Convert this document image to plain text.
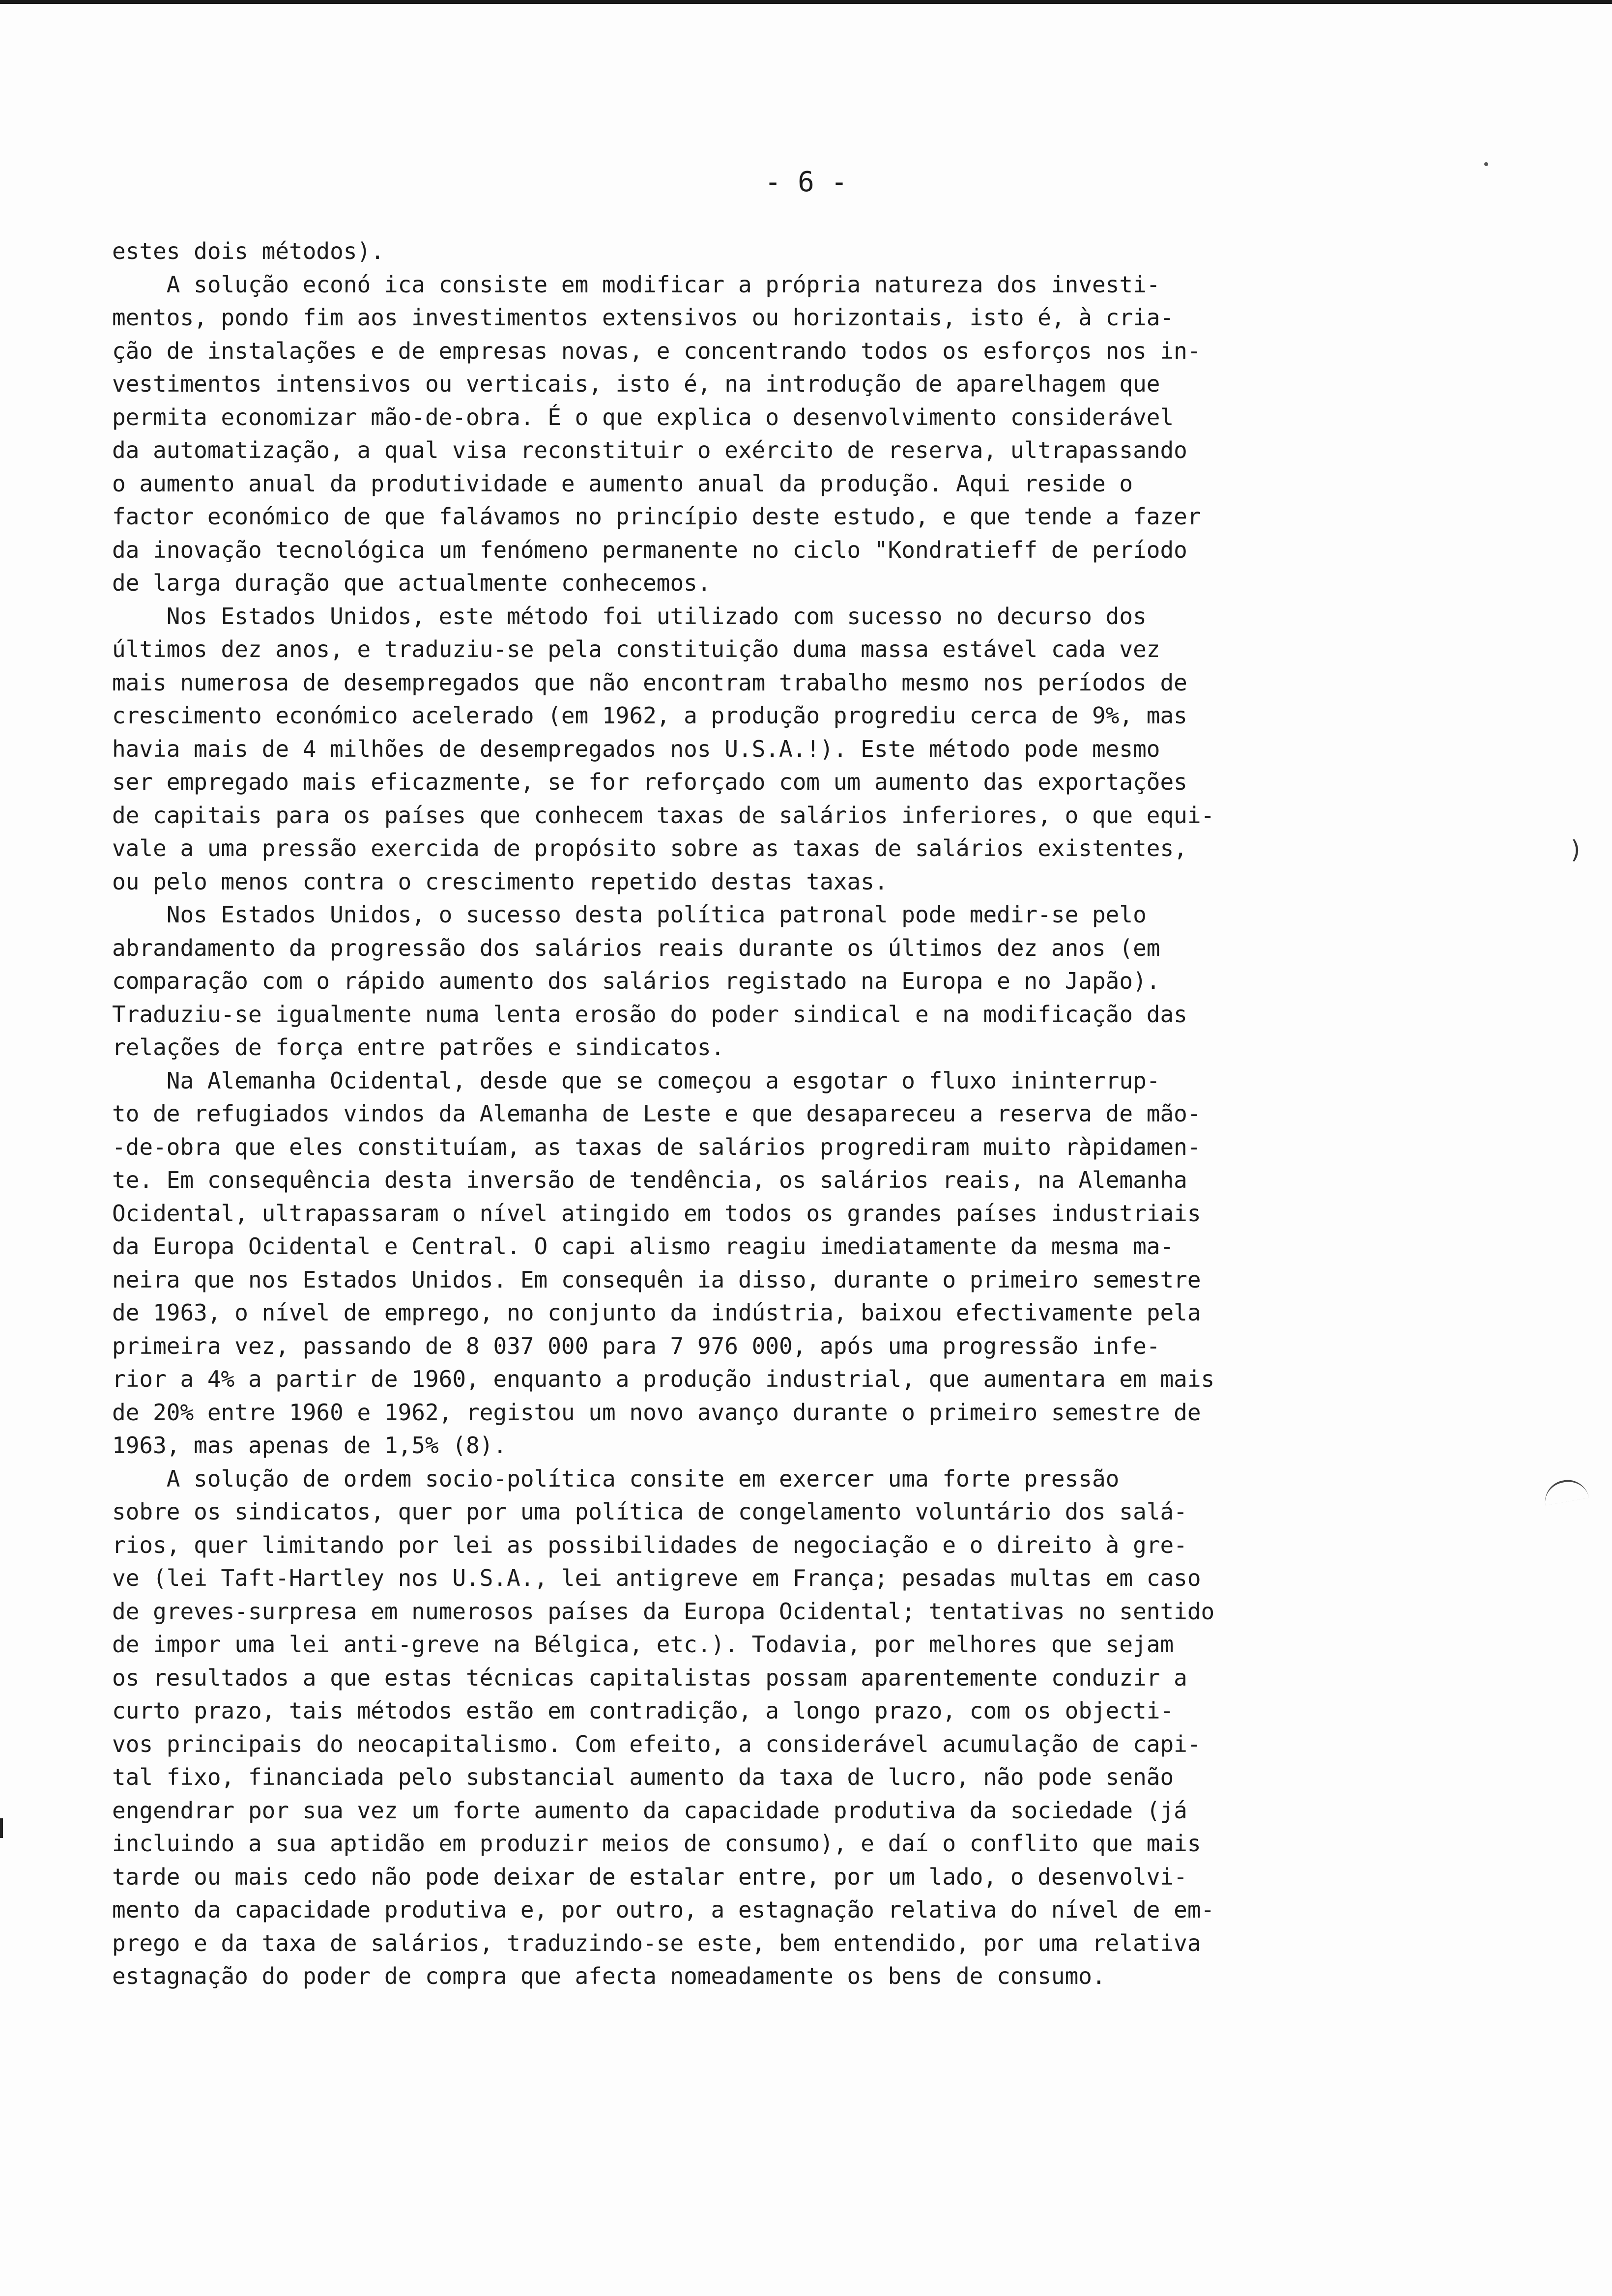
- 6 -
estes dois métodos).
A solução econó ica consiste em modificar a própria natureza dos investi-
mentos, pondo fim aos investimentos extensivos ou horizontais, isto é, à cria-
ção de instalações e de empresas novas, e concentrando todos os esforços nos in-
vestimentos intensivos ou verticais, isto é, na introdução de aparelhagem que
permita economizar mão-de-obra. É o que explica o desenvolvimento considerável
da automatização, a qual visa reconstituir o exército de reserva, ultrapassando
o aumento anual da produtividade e aumento anual da produção. Aqui reside o
factor económico de que falávamos no princípio deste estudo, e que tende a fazer
da inovação tecnológica um fenómeno permanente no ciclo "Kondratieff de período
de larga duração que actualmente conhecemos.
Nos Estados Unidos, este método foi utilizado com sucesso no decurso dos
últimos dez anos, e traduziu-se pela constituição duma massa estável cada vez
mais numerosa de desempregados que não encontram trabalho mesmo nos períodos de
crescimento económico acelerado (em 1962, a produção progrediu cerca de 9%, mas
havia mais de 4 milhões de desempregados nos U.S.A.!). Este método pode mesmo
ser empregado mais eficazmente, se for reforçado com um aumento das exportações
de capitais para os países que conhecem taxas de salários inferiores, o que equi-
vale a uma pressão exercida de propósito sobre as taxas de salários existentes,
ou pelo menos contra o crescimento repetido destas taxas.
Nos Estados Unidos, o sucesso desta política patronal pode medir-se pelo
abrandamento da progressão dos salários reais durante os últimos dez anos (em
comparação com o rápido aumento dos salários registado na Europa e no Japão).
Traduziu-se igualmente numa lenta erosão do poder sindical e na modificação das
relações de força entre patrões e sindicatos.
Na Alemanha Ocidental, desde que se começou a esgotar o fluxo ininterrup-
to de refugiados vindos da Alemanha de Leste e que desapareceu a reserva de mão-
-de-obra que eles constituíam, as taxas de salários progrediram muito ràpidamen-
te. Em consequência desta inversão de tendência, os salários reais, na Alemanha
Ocidental, ultrapassaram o nível atingido em todos os grandes países industriais
da Europa Ocidental e Central. O capi alismo reagiu imediatamente da mesma ma-
neira que nos Estados Unidos. Em consequên ia disso, durante o primeiro semestre
de 1963, o nível de emprego, no conjunto da indústria, baixou efectivamente pela
primeira vez, passando de 8 037 000 para 7 976 000, após uma progressão infe-
rior a 4% a partir de 1960, enquanto a produção industrial, que aumentara em mais
de 20% entre 1960 e 1962, registou um novo avanço durante o primeiro semestre de
1963, mas apenas de 1,5% (8).
A solução de ordem socio-política consite em exercer uma forte pressão
sobre os sindicatos, quer por uma política de congelamento voluntário dos salá-
rios, quer limitando por lei as possibilidades de negociação e o direito à gre-
ve (lei Taft-Hartley nos U.S.A., lei antigreve em França; pesadas multas em caso
de greves-surpresa em numerosos países da Europa Ocidental; tentativas no sentido
de impor uma lei anti-greve na Bélgica, etc.). Todavia, por melhores que sejam
os resultados a que estas técnicas capitalistas possam aparentemente conduzir a
curto prazo, tais métodos estão em contradição, a longo prazo, com os objecti-
vos principais do neocapitalismo. Com efeito, a considerável acumulação de capi-
tal fixo, financiada pelo substancial aumento da taxa de lucro, não pode senão
engendrar por sua vez um forte aumento da capacidade produtiva da sociedade (já
incluindo a sua aptidão em produzir meios de consumo), e daí o conflito que mais
tarde ou mais cedo não pode deixar de estalar entre, por um lado, o desenvolvi-
mento da capacidade produtiva e, por outro, a estagnação relativa do nível de em-
prego e da taxa de salários, traduzindo-se este, bem entendido, por uma relativa
estagnação do poder de compra que afecta nomeadamente os bens de consumo.
)
